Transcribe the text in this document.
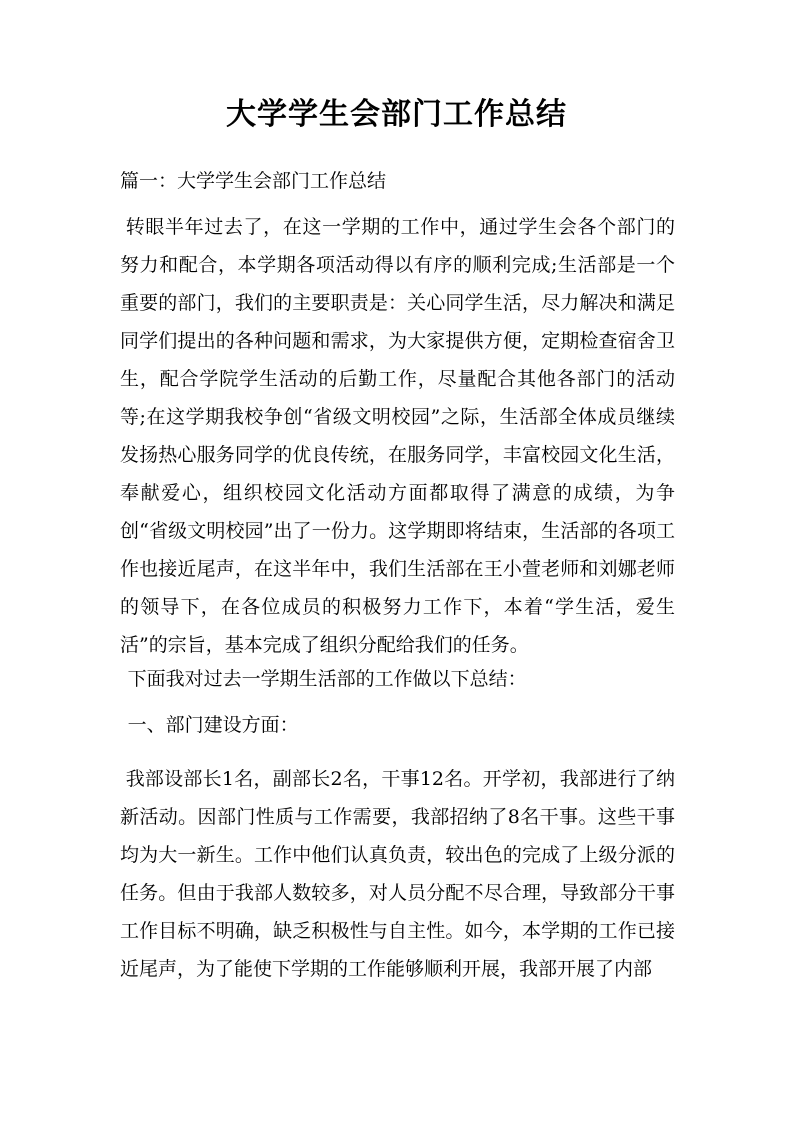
大学学生会部门工作总结

篇一：大学学生会部门工作总结

转眼半年过去了，在这一学期的工作中，通过学生会各个部门的努力和配合，本学期各项活动得以有序的顺利完成;生活部是一个重要的部门，我们的主要职责是：关心同学生活，尽力解决和满足同学们提出的各种问题和需求，为大家提供方便，定期检查宿舍卫生，配合学院学生活动的后勤工作，尽量配合其他各部门的活动等;在这学期我校争创“省级文明校园”之际，生活部全体成员继续发扬热心服务同学的优良传统，在服务同学，丰富校园文化生活，奉献爱心，组织校园文化活动方面都取得了满意的成绩，为争创“省级文明校园”出了一份力。这学期即将结束，生活部的各项工作也接近尾声，在这半年中，我们生活部在王小萱老师和刘娜老师的领导下，在各位成员的积极努力工作下，本着“学生活，爱生活”的宗旨，基本完成了组织分配给我们的任务。

下面我对过去一学期生活部的工作做以下总结：

一、部门建设方面：

我部设部长1名，副部长2名，干事12名。开学初，我部进行了纳新活动。因部门性质与工作需要，我部招纳了8名干事。这些干事均为大一新生。工作中他们认真负责，较出色的完成了上级分派的任务。但由于我部人数较多，对人员分配不尽合理，导致部分干事工作目标不明确，缺乏积极性与自主性。如今，本学期的工作已接近尾声，为了能使下学期的工作能够顺利开展，我部开展了内部
